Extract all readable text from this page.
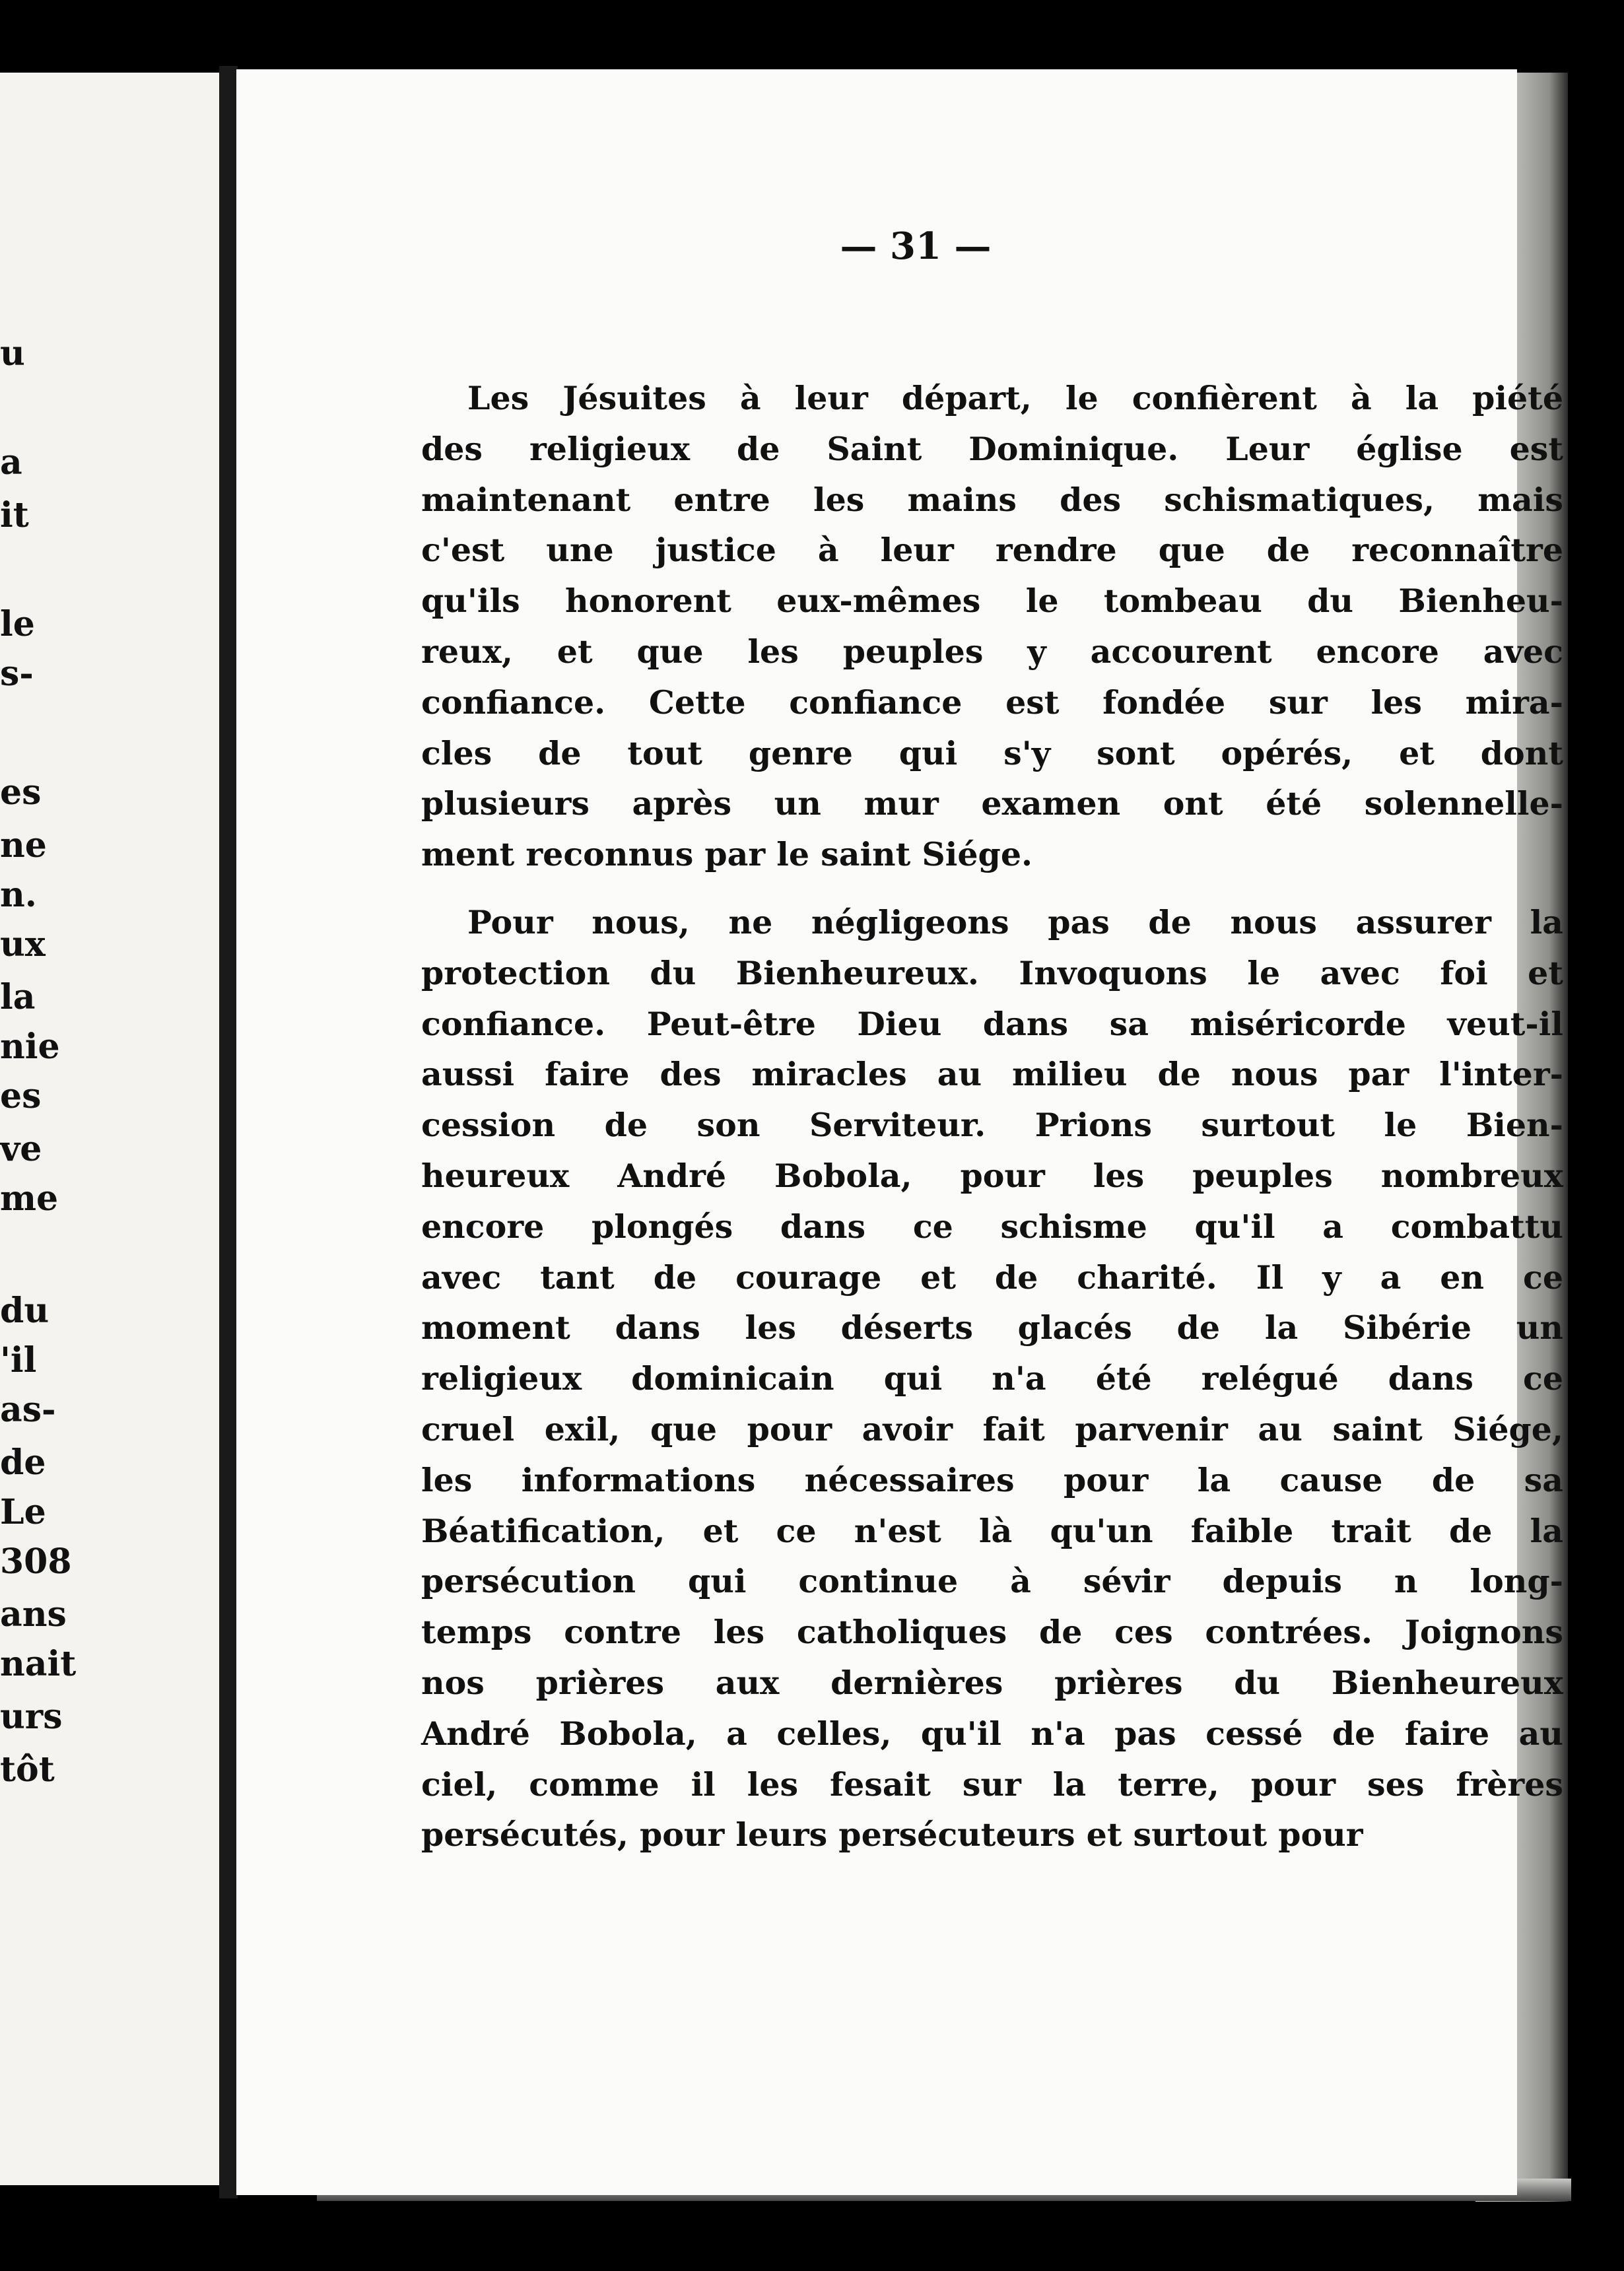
u
a
it
le
s-
es
ne
n.
ux
la
nie
es
ve
me
du
'il
as-
de
Le
308
ans
nait
urs
tôt
— 31 —
Les Jésuites à leur départ, le confièrent à la piété
des religieux de Saint Dominique. Leur église est
maintenant entre les mains des schismatiques, mais
c'est une justice à leur rendre que de reconnaître
qu'ils honorent eux-mêmes le tombeau du Bienheu-
reux, et que les peuples y accourent encore avec
confiance. Cette confiance est fondée sur les mira-
cles de tout genre qui s'y sont opérés, et dont
plusieurs après un mur examen ont été solennelle-
ment reconnus par le saint Siége.
Pour nous, ne négligeons pas de nous assurer la
protection du Bienheureux. Invoquons le avec foi et
confiance. Peut-être Dieu dans sa miséricorde veut-il
aussi faire des miracles au milieu de nous par l'inter-
cession de son Serviteur. Prions surtout le Bien-
heureux André Bobola, pour les peuples nombreux
encore plongés dans ce schisme qu'il a combattu
avec tant de courage et de charité. Il y a en ce
moment dans les déserts glacés de la Sibérie un
religieux dominicain qui n'a été relégué dans ce
cruel exil, que pour avoir fait parvenir au saint Siége,
les informations nécessaires pour la cause de sa
Béatification, et ce n'est là qu'un faible trait de la
persécution qui continue à sévir depuis n long-
temps contre les catholiques de ces contrées. Joignons
nos prières aux dernières prières du Bienheureux
André Bobola, a celles, qu'il n'a pas cessé de faire au
ciel, comme il les fesait sur la terre, pour ses frères
persécutés, pour leurs persécuteurs et surtout pour
